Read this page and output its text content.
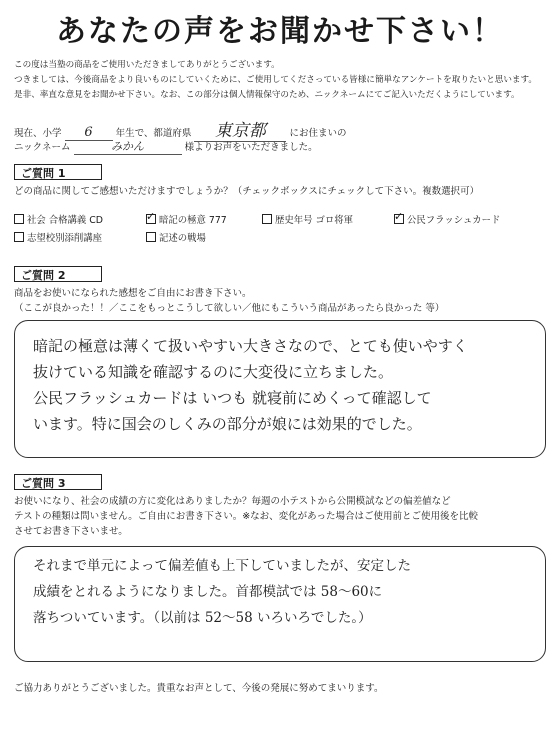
あなたの声をお聞かせ下さい！
この度は当塾の商品をご使用いただきましてありがとうございます。
つきましては、今後商品をより良いものにしていくために、ご使用してくださっている皆様に簡単なアンケートを取りたいと思います。
是非、率直な意見をお聞かせ下さい。なお、この部分は個人情報保守のため、ニックネームにてご記入いただくようにしています。
現在、小学 6 年生で、都道府県 東京都 にお住まいの
ニックネーム	みかん	様よりお声をいただきました。
ご質問 1
どの商品に関してご感想いただけますでしょうか？（チェックボックスにチェックして下さい。複数選択可）
社会 合格講義 CD ✓	暗記の極意 777	歴史年号 ゴロ将軍 ✓	公民フラッシュカード
志望校別添削講座	記述の戦場
ご質問 2
商品をお使いになられた感想をご自由にお書き下さい。
（ここが良かった！！／ここをもっとこうして欲しい／他にもこういう商品があったら良かった 等）
暗記の極意は薄くて扱いやすい大きさなので、とても使いやすく
抜けている知識を確認するのに大変役に立ちました。
公民フラッシュカードは いつも 就寝前にめくって確認して
います。特に国会のしくみの部分が娘には効果的でした。
ご質問 3
お使いになり、社会の成績の方に変化はありましたか？毎週の小テストから公開模試などの偏差値など
テストの種類は問いません。ご自由にお書き下さい。※なお、変化があった場合はご使用前とご使用後を比較
させてお書き下さいませ。
それまで単元によって偏差値も上下していましたが、安定した
成績をとれるようになりました。首都模試では 58〜60に
落ちついています。（以前は 52〜58 いろいろでした。）
ご協力ありがとうございました。貴重なお声として、今後の発展に努めてまいります。
